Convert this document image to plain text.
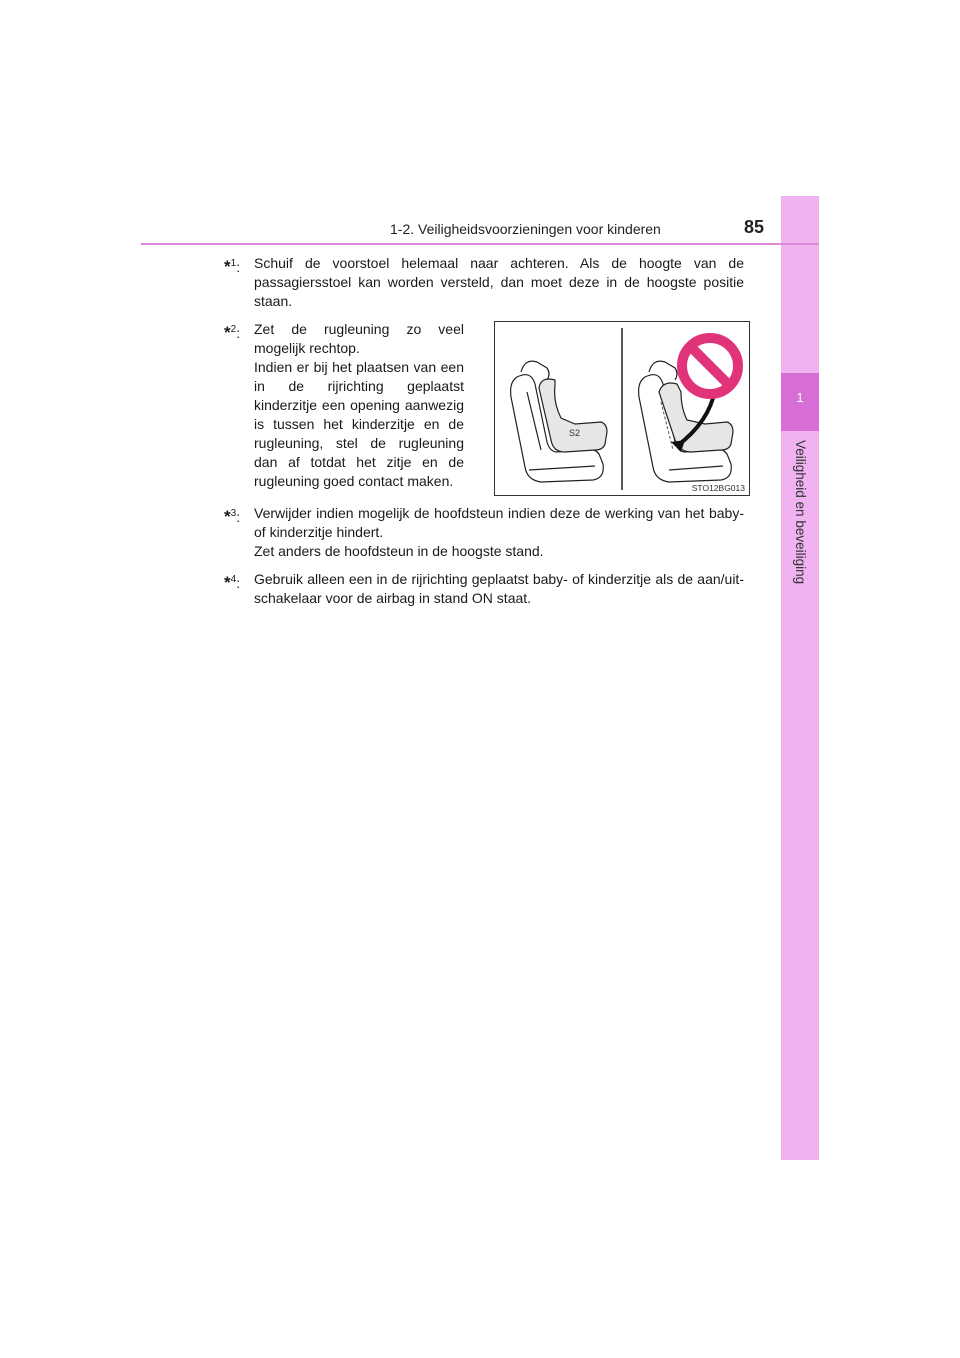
1
Veiligheid en beveiliging
1-2. Veiligheidsvoorzieningen voor kinderen	85
*$^1$: Schuif de voorstoel helemaal naar achteren. Als de hoogte van de passagiersstoel kan worden versteld, dan moet deze in de hoogste positie staan.

*$^2$: Zet de rugleuning zo veel mogelijk rechtop.

Indien er bij het plaatsen van een in de rijrichting geplaatst kinderzitje een opening aanwezig is tussen het kinderzitje en de rugleuning, stel de rugleuning dan af totdat het zitje en de rugleuning goed contact maken.

S2
STO12BG013
*$^3$: Verwijder indien mogelijk de hoofdsteun indien deze de werking van het baby- of kinderzitje hindert.

Zet anders de hoofdsteun in de hoogste stand.

*$^4$: Gebruik alleen een in de rijrichting geplaatst baby- of kinderzitje als de aan/uit-schakelaar voor de airbag in stand ON staat.
